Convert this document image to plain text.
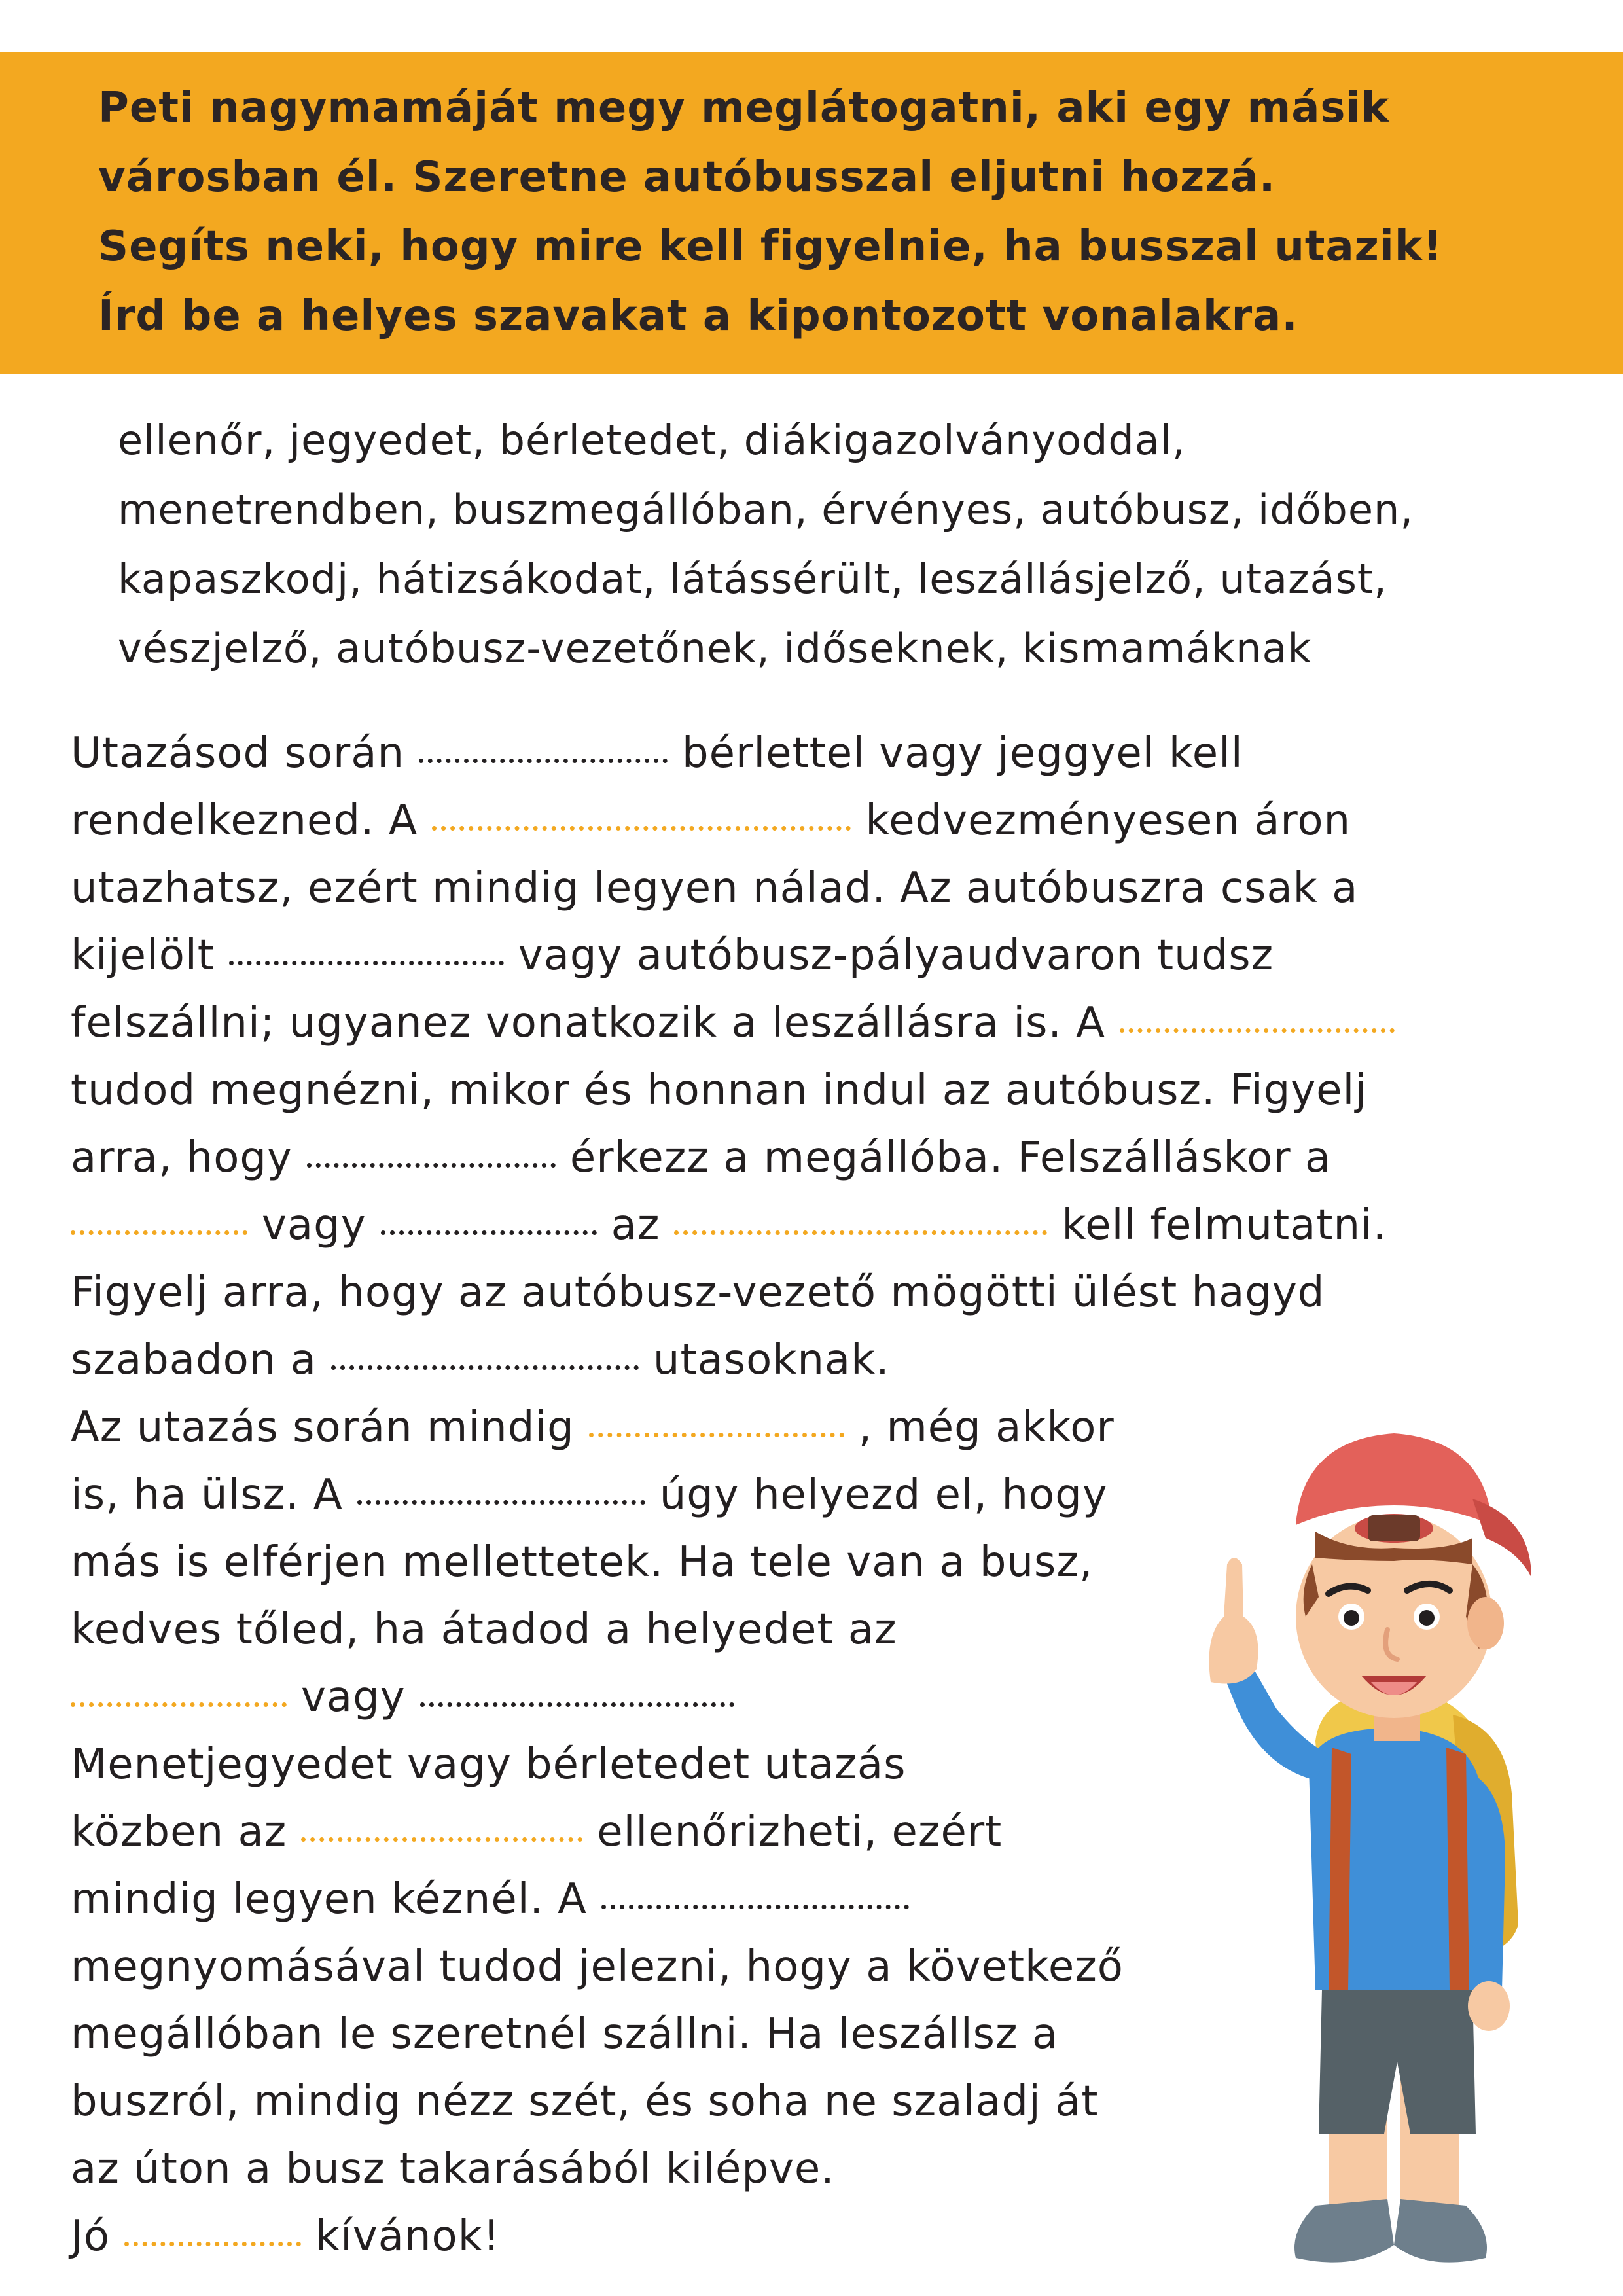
Peti nagymamáját megy meglátogatni, aki egy másik
városban él. Szeretne autóbusszal eljutni hozzá.
Segíts neki, hogy mire kell figyelnie, ha busszal utazik!
Írd be a helyes szavakat a kipontozott vonalakra.
ellenőr, jegyedet, bérletedet, diákigazolványoddal,
menetrendben, buszmegállóban, érvényes, autóbusz, időben,
kapaszkodj, hátizsákodat, látássérült, leszállásjelző, utazást,
vészjelző, autóbusz-vezetőnek, időseknek, kismamáknak
Utazásod során	bérlettel vagy jeggyel kell
rendelkezned. A	kedvezményesen áron
utazhatsz, ezért mindig legyen nálad. Az autóbuszra csak a
kijelölt	vagy autóbusz-pályaudvaron tudsz
felszállni; ugyanez vonatkozik a leszállásra is. A
tudod megnézni, mikor és honnan indul az autóbusz. Figyelj
arra, hogy	érkezz a megállóba. Felszálláskor a
vagy	az	kell felmutatni.
Figyelj arra, hogy az autóbusz-vezető mögötti ülést hagyd
szabadon a	utasoknak.
Az utazás során mindig	, még akkor
is, ha ülsz. A	úgy helyezd el, hogy
más is elférjen mellettetek. Ha tele van a busz,
kedves tőled, ha átadod a helyedet az
vagy
Menetjegyedet vagy bérletedet utazás
közben az	ellenőrizheti, ezért
mindig legyen kéznél. A
megnyomásával tudod jelezni, hogy a következő
megállóban le szeretnél szállni. Ha leszállsz a
buszról, mindig nézz szét, és soha ne szaladj át
az úton a busz takarásából kilépve.
Jó	kívánok!
